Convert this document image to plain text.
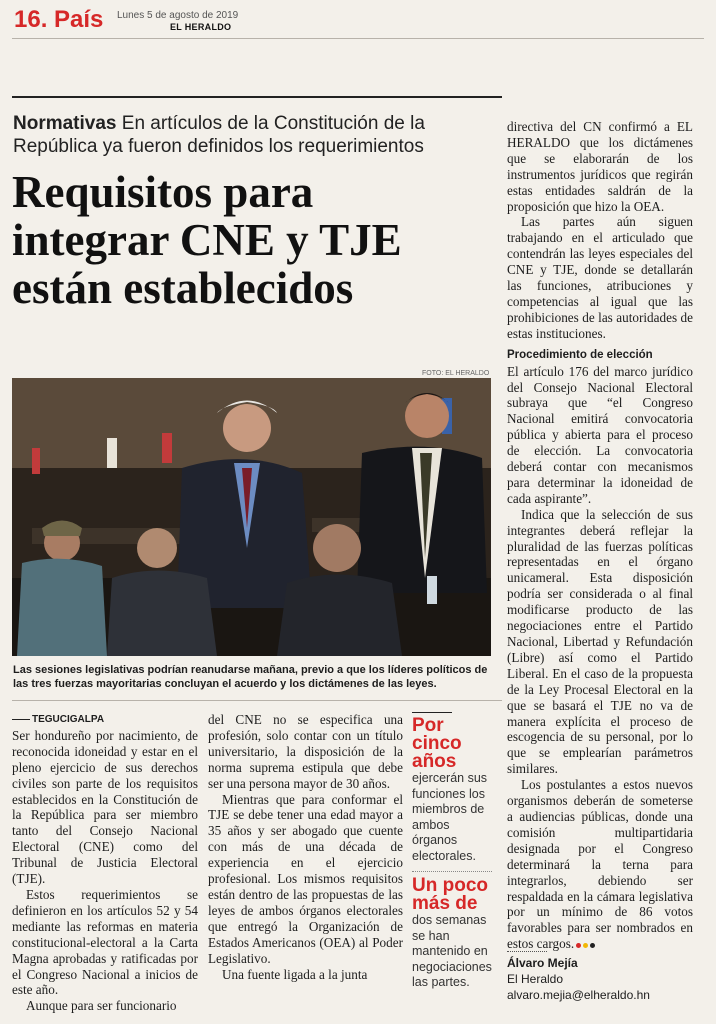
16. País Lunes 5 de agosto de 2019
EL HERALDO
Normativas En artículos de la Constitución de la República ya fueron definidos los requerimientos
Requisitos para
integrar CNE y TJE
están establecidos
FOTO: EL HERALDO
Las sesiones legislativas podrían reanudarse mañana, previo a que los líderes políticos de las tres fuerzas mayoritarias concluyan el acuerdo y los dictámenes de las leyes.
TEGUCIGALPA

Ser hondureño por nacimiento, de reconocida idoneidad y estar en el pleno ejercicio de sus derechos civiles son parte de los requisitos establecidos en la Constitución de la República para ser miembro tanto del Consejo Nacional Electoral (CNE) como del Tribunal de Justicia Electoral (TJE).

Estos requerimientos se definieron en los artículos 52 y 54 mediante las reformas en materia constitucional-electoral a la Carta Magna aprobadas y ratificadas por el Congreso Nacional a inicios de este año.

Aunque para ser funcionario

del CNE no se especifica una profesión, solo contar con un título universitario, la disposición de la norma suprema estipula que debe ser una persona mayor de 30 años.

Mientras que para conformar el TJE se debe tener una edad mayor a 35 años y ser abogado que cuente con más de una década de experiencia en el ejercicio profesional. Los mismos requisitos están dentro de las propuestas de las leyes de ambos órganos electorales que entregó la Organización de Estados Americanos (OEA) al Poder Legislativo.

Una fuente ligada a la junta

Por cinco años
ejercerán sus funciones los miembros de ambos órganos electorales.
Un poco más de
dos semanas se han mantenido en negociaciones las partes.

directiva del CN confirmó a EL HERALDO que los dictámenes que se elaborarán de los instrumentos jurídicos que regirán estas entidades saldrán de la proposición que hizo la OEA.

Las partes aún siguen trabajando en el articulado que contendrán las leyes especiales del CNE y TJE, donde se detallarán las funciones, atribuciones y competencias al igual que las prohibiciones de las autoridades de estas instituciones.

Procedimiento de elección

El artículo 176 del marco jurídico del Consejo Nacional Electoral subraya que “el Congreso Nacional emitirá convocatoria pública y abierta para el proceso de elección. La convocatoria deberá contar con mecanismos para determinar la idoneidad de cada aspirante”.

Indica que la selección de sus integrantes deberá reflejar la pluralidad de las fuerzas políticas representadas en el órgano unicameral. Esta disposición podría ser considerada o al final modificarse producto de las negociaciones entre el Partido Nacional, Libertad y Refundación (Libre) así como el Partido Liberal. En el caso de la propuesta de la Ley Procesal Electoral en la que se basará el TJE no va de manera explícita el proceso de escogencia de su personal, por lo que se emplearían parámetros similares.

Los postulantes a estos nuevos organismos deberán de someterse a audiencias públicas, donde una comisión multipartidaria designada por el Congreso determinará la terna para integrarlos, debiendo ser respaldada en la cámara legislativa por un mínimo de 86 votos favorables para ser nombrados en estos cargos.

Álvaro Mejía
El Heraldo
alvaro.mejia@elheraldo.hn
